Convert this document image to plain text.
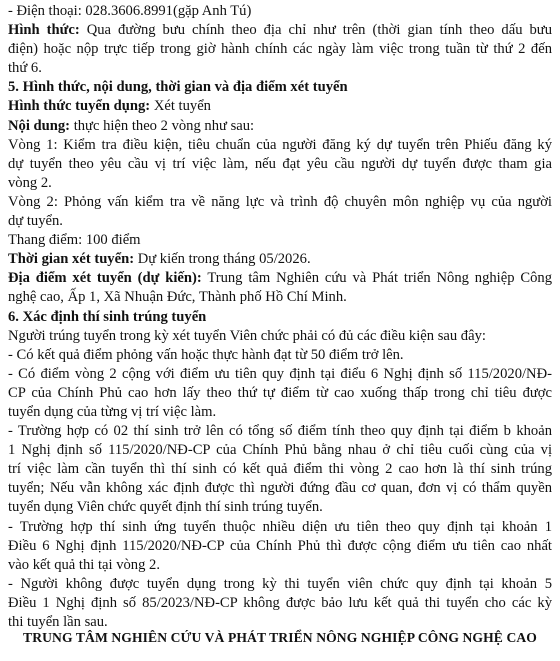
- Điện thoại: 028.3606.8991(gặp Anh Tú)

Hình thức: Qua đường bưu chính theo địa chỉ như trên (thời gian tính theo dấu bưu

điện) hoặc nộp trực tiếp trong giờ hành chính các ngày làm việc trong tuần từ thứ 2 đến

thứ 6.

5. Hình thức, nội dung, thời gian và địa điểm xét tuyển

Hình thức tuyển dụng: Xét tuyển

Nội dung: thực hiện theo 2 vòng như sau:

Vòng 1: Kiểm tra điều kiện, tiêu chuẩn của người đăng ký dự tuyển trên Phiếu đăng ký

dự tuyển theo yêu cầu vị trí việc làm, nếu đạt yêu cầu người dự tuyển được tham gia

vòng 2.

Vòng 2: Phỏng vấn kiểm tra về năng lực và trình độ chuyên môn nghiệp vụ của người

dự tuyển.

Thang điểm: 100 điểm

Thời gian xét tuyển: Dự kiến trong tháng 05/2026.

Địa điểm xét tuyển (dự kiến): Trung tâm Nghiên cứu và Phát triển Nông nghiệp Công

nghệ cao, Ấp 1, Xã Nhuận Đức, Thành phố Hồ Chí Minh.

6. Xác định thí sinh trúng tuyển

Người trúng tuyển trong kỳ xét tuyển Viên chức phải có đủ các điều kiện sau đây:

- Có kết quả điểm phỏng vấn hoặc thực hành đạt từ 50 điểm trở lên.

- Có điểm vòng 2 cộng với điểm ưu tiên quy định tại điểu 6 Nghị định số 115/2020/NĐ-

CP của Chính Phủ cao hơn lấy theo thứ tự điểm từ cao xuống thấp trong chỉ tiêu được

tuyển dụng của từng vị trí việc làm.

- Trường hợp có 02 thí sinh trở lên có tổng số điểm tính theo quy định tại điểm b khoản

1 Nghị định số 115/2020/NĐ-CP của Chính Phủ bằng nhau ở chỉ tiêu cuối cùng của vị

trí việc làm cần tuyển thì thí sinh có kết quả điểm thi vòng 2 cao hơn là thí sinh trúng

tuyển; Nếu vẫn không xác định được thì người đứng đầu cơ quan, đơn vị có thẩm quyền

tuyển dụng Viên chức quyết định thí sinh trúng tuyển.

- Trường hợp thí sinh ứng tuyển thuộc nhiều diện ưu tiên theo quy định tại khoản 1

Điều 6 Nghị định 115/2020/NĐ-CP của Chính Phủ thì được cộng điểm ưu tiên cao nhất

vào kết quả thi tại vòng 2.

- Người không được tuyển dụng trong kỳ thi tuyển viên chức quy định tại khoản 5

Điều 1 Nghị định số 85/2023/NĐ-CP không được bảo lưu kết quả thi tuyển cho các kỳ

thi tuyển lần sau.

TRUNG TÂM NGHIÊN CỨU VÀ PHÁT TRIỂN NÔNG NGHIỆP CÔNG NGHỆ CAO
